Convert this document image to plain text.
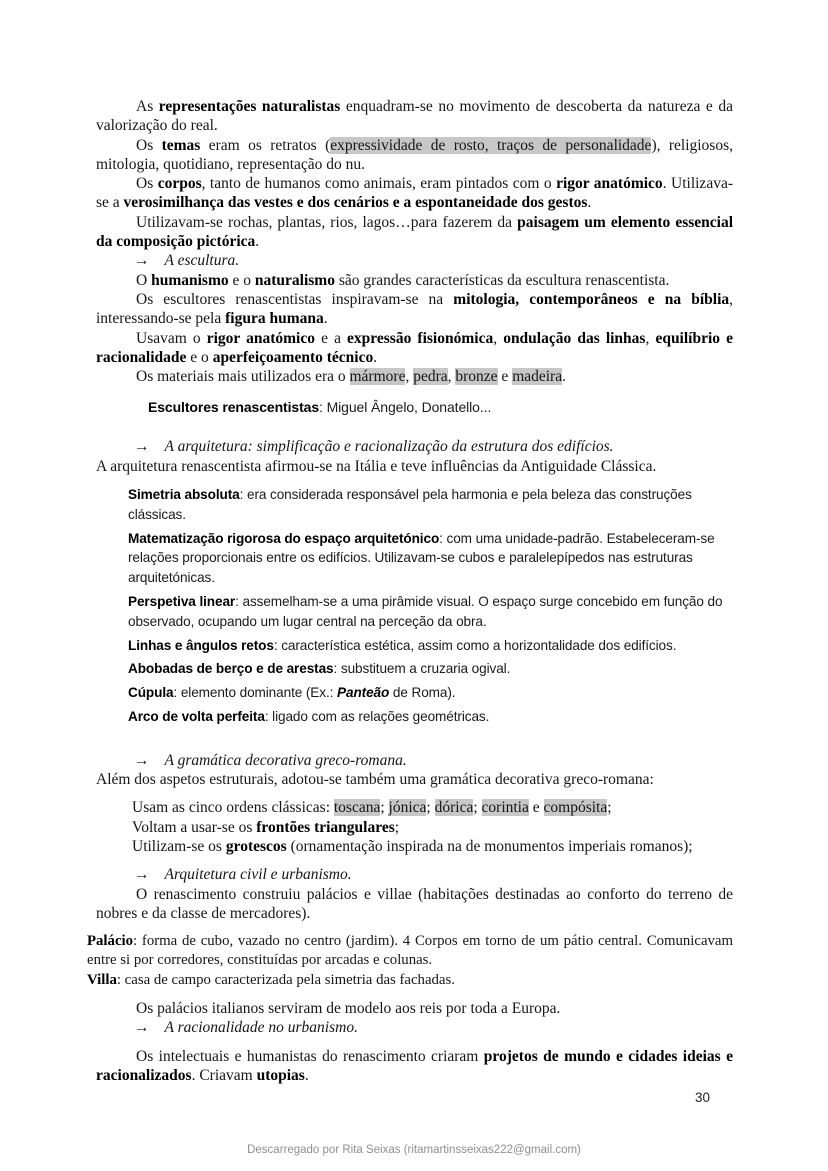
As representações naturalistas enquadram-se no movimento de descoberta da natureza e da valorização do real.
Os temas eram os retratos (expressividade de rosto, traços de personalidade), religiosos, mitologia, quotidiano, representação do nu.
Os corpos, tanto de humanos como animais, eram pintados com o rigor anatómico. Utilizava-se a verosimilhança das vestes e dos cenários e a espontaneidade dos gestos.
Utilizavam-se rochas, plantas, rios, lagos…para fazerem da paisagem um elemento essencial da composição pictórica.
→ A escultura.
O humanismo e o naturalismo são grandes características da escultura renascentista.
Os escultores renascentistas inspiravam-se na mitologia, contemporâneos e na bíblia, interessando-se pela figura humana.
Usavam o rigor anatómico e a expressão fisionómica, ondulação das linhas, equilíbrio e racionalidade e o aperfeiçoamento técnico.
Os materiais mais utilizados era o mármore, pedra, bronze e madeira.
Escultores renascentistas: Miguel Ângelo, Donatello...
→ A arquitetura: simplificação e racionalização da estrutura dos edifícios.
A arquitetura renascentista afirmou-se na Itália e teve influências da Antiguidade Clássica.
Simetria absoluta: era considerada responsável pela harmonia e pela beleza das construções clássicas.
Matematização rigorosa do espaço arquitetónico: com uma unidade-padrão. Estabeleceram-se relações proporcionais entre os edifícios. Utilizavam-se cubos e paralelepípedos nas estruturas arquitetónicas.
Perspetiva linear: assemelham-se a uma pirâmide visual. O espaço surge concebido em função do observado, ocupando um lugar central na perceção da obra.
Linhas e ângulos retos: característica estética, assim como a horizontalidade dos edifícios.
Abobadas de berço e de arestas: substituem a cruzaria ogival.
Cúpula: elemento dominante (Ex.: Panteão de Roma).
Arco de volta perfeita: ligado com as relações geométricas.
→ A gramática decorativa greco-romana.
Além dos aspetos estruturais, adotou-se também uma gramática decorativa greco-romana:
Usam as cinco ordens clássicas: toscana; jónica; dórica; corintia e compósita;
Voltam a usar-se os frontões triangulares;
Utilizam-se os grotescos (ornamentação inspirada na de monumentos imperiais romanos);
→ Arquitetura civil e urbanismo.
O renascimento construiu palácios e villae (habitações destinadas ao conforto do terreno de nobres e da classe de mercadores).
Palácio: forma de cubo, vazado no centro (jardim). 4 Corpos em torno de um pátio central. Comunicavam entre si por corredores, constituídas por arcadas e colunas.
Villa: casa de campo caracterizada pela simetria das fachadas.
Os palácios italianos serviram de modelo aos reis por toda a Europa.
→ A racionalidade no urbanismo.
Os intelectuais e humanistas do renascimento criaram projetos de mundo e cidades ideias e racionalizados. Criavam utopias.
30
Descarregado por Rita Seixas (ritamartinsseixas222@gmail.com)
